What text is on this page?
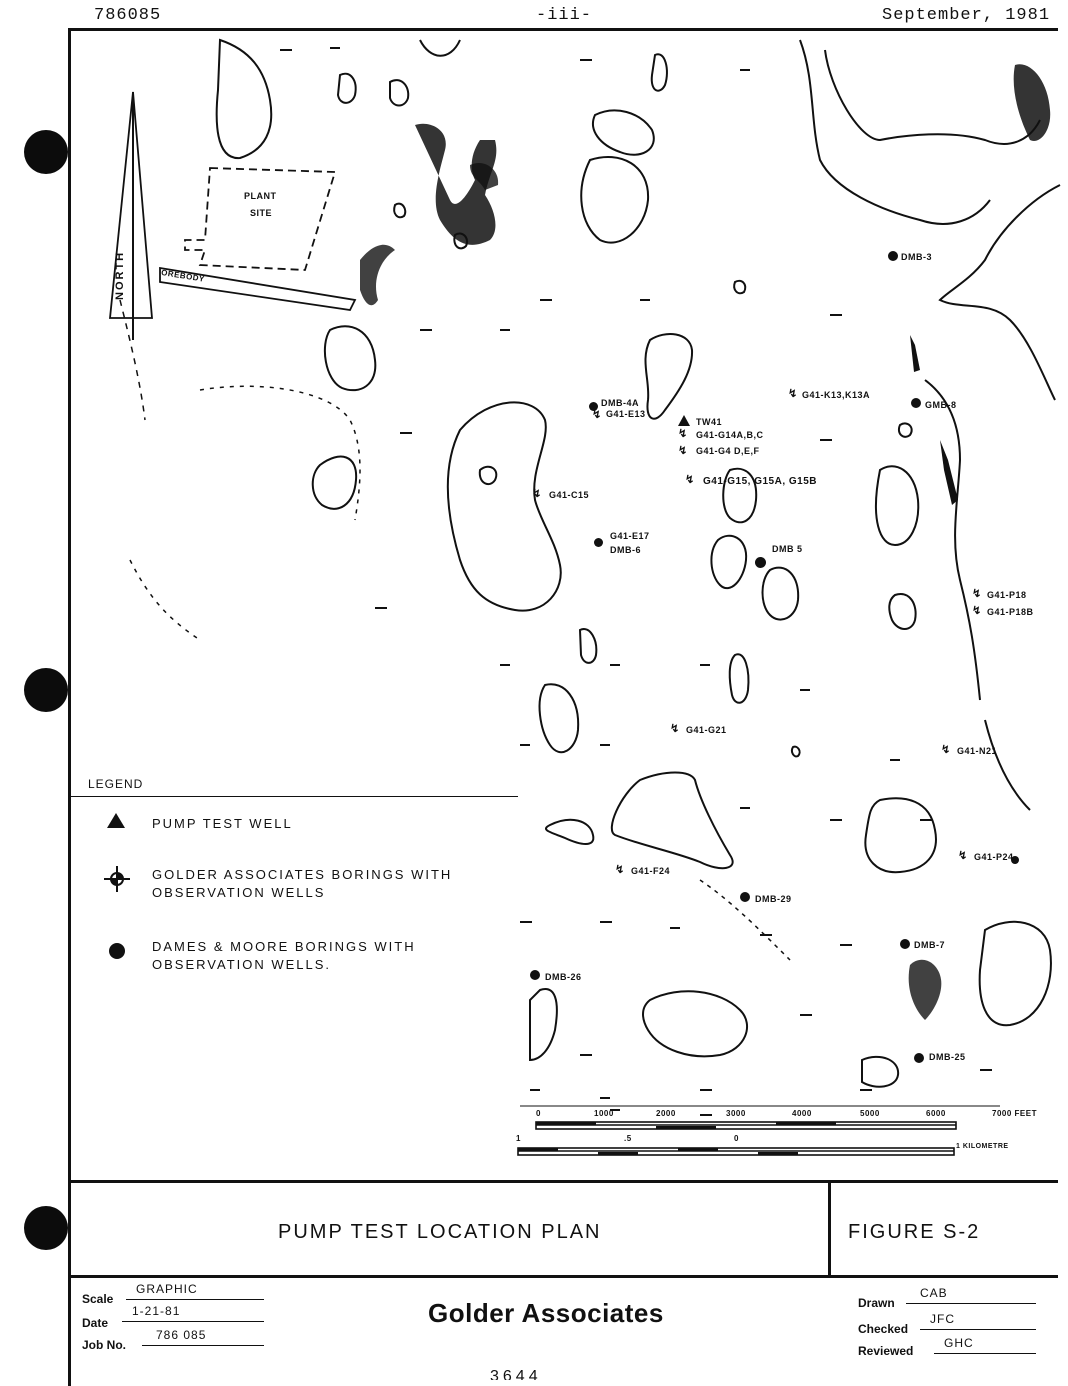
786085	-iii-	September, 1981
NORTH
PLANT
SITE
OREBODY
DMB-3
DMB-4A
↯ G41-E13
TW41
↯ G41-G14A,B,C
↯ G41-G4 D,E,F
↯ G41-K13,K13A
GMB-8
↯ G41-G15, G15A, G15B
↯ G41-C15
G41-E17
DMB-6	DMB 5
↯ G41-P18
↯ G41-P18B
↯ G41-G21
↯ G41-N21
↯ G41-F24
↯ G41-P24
DMB-29
DMB-7
DMB-26
DMB-25
0	1000	2000	3000	4000	5000	6000	7000 FEET
1	.5	0
1 KILOMETRE
LEGEND
PUMP TEST WELL
GOLDER ASSOCIATES BORINGS WITH
OBSERVATION WELLS
DAMES & MOORE BORINGS WITH
OBSERVATION WELLS.
PUMP TEST LOCATION PLAN	FIGURE S-2
Scale
GRAPHIC
Date
1-21-81
Job No.
786 085
Golder Associates	Drawn
CAB
Checked
JFC
Reviewed
GHC
3644
